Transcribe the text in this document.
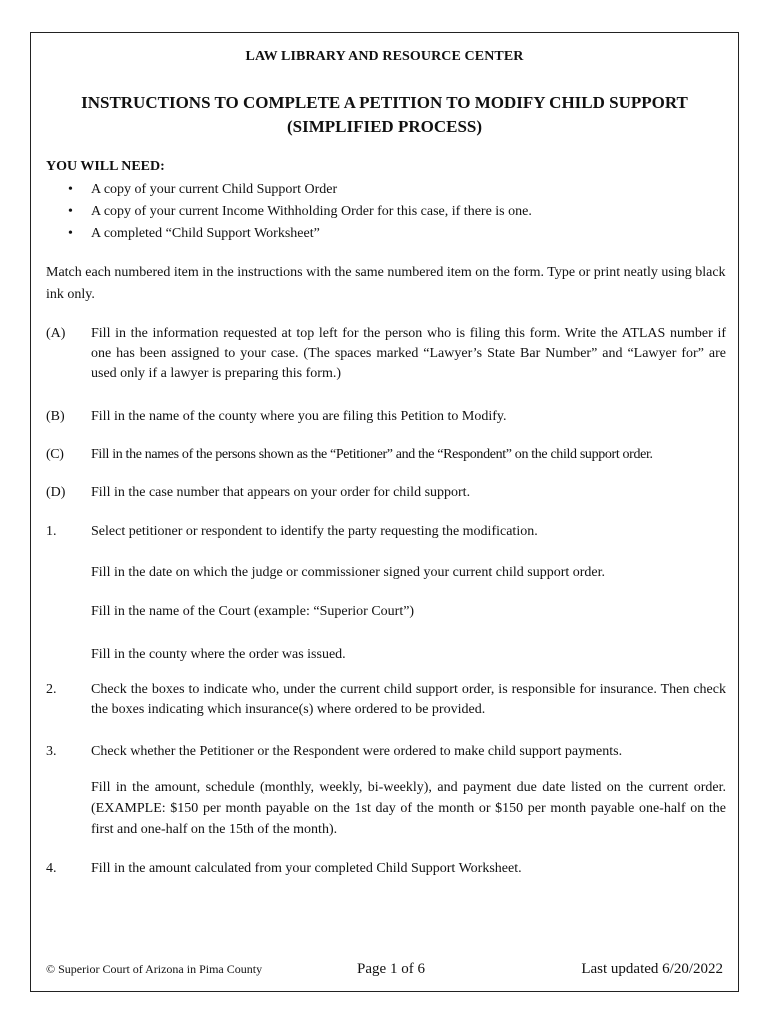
LAW LIBRARY AND RESOURCE CENTER
INSTRUCTIONS TO COMPLETE A PETITION TO MODIFY CHILD SUPPORT
(SIMPLIFIED PROCESS)
YOU WILL NEED:
• A copy of your current Child Support Order
• A copy of your current Income Withholding Order for this case, if there is one.
• A completed “Child Support Worksheet”
Match each numbered item in the instructions with the same numbered item on the form. Type or print neatly using black ink only.
(A) Fill in the information requested at top left for the person who is filing this form. Write the ATLAS number if one has been assigned to your case. (The spaces marked “Lawyer’s State Bar Number” and “Lawyer for” are used only if a lawyer is preparing this form.)
(B) Fill in the name of the county where you are filing this Petition to Modify.
(C) Fill in the names of the persons shown as the “Petitioner” and the “Respondent” on the child support order.
(D) Fill in the case number that appears on your order for child support.
1. Select petitioner or respondent to identify the party requesting the modification.
Fill in the date on which the judge or commissioner signed your current child support order.
Fill in the name of the Court (example: “Superior Court”)
Fill in the county where the order was issued.
2. Check the boxes to indicate who, under the current child support order, is responsible for insurance. Then check the boxes indicating which insurance(s) where ordered to be provided.
3. Check whether the Petitioner or the Respondent were ordered to make child support payments.
Fill in the amount, schedule (monthly, weekly, bi-weekly), and payment due date listed on the current order. (EXAMPLE: $150 per month payable on the 1st day of the month or $150 per month payable one-half on the first and one-half on the 15th of the month).
4. Fill in the amount calculated from your completed Child Support Worksheet.
© Superior Court of Arizona in Pima County	Page 1 of 6	Last updated 6/20/2022
